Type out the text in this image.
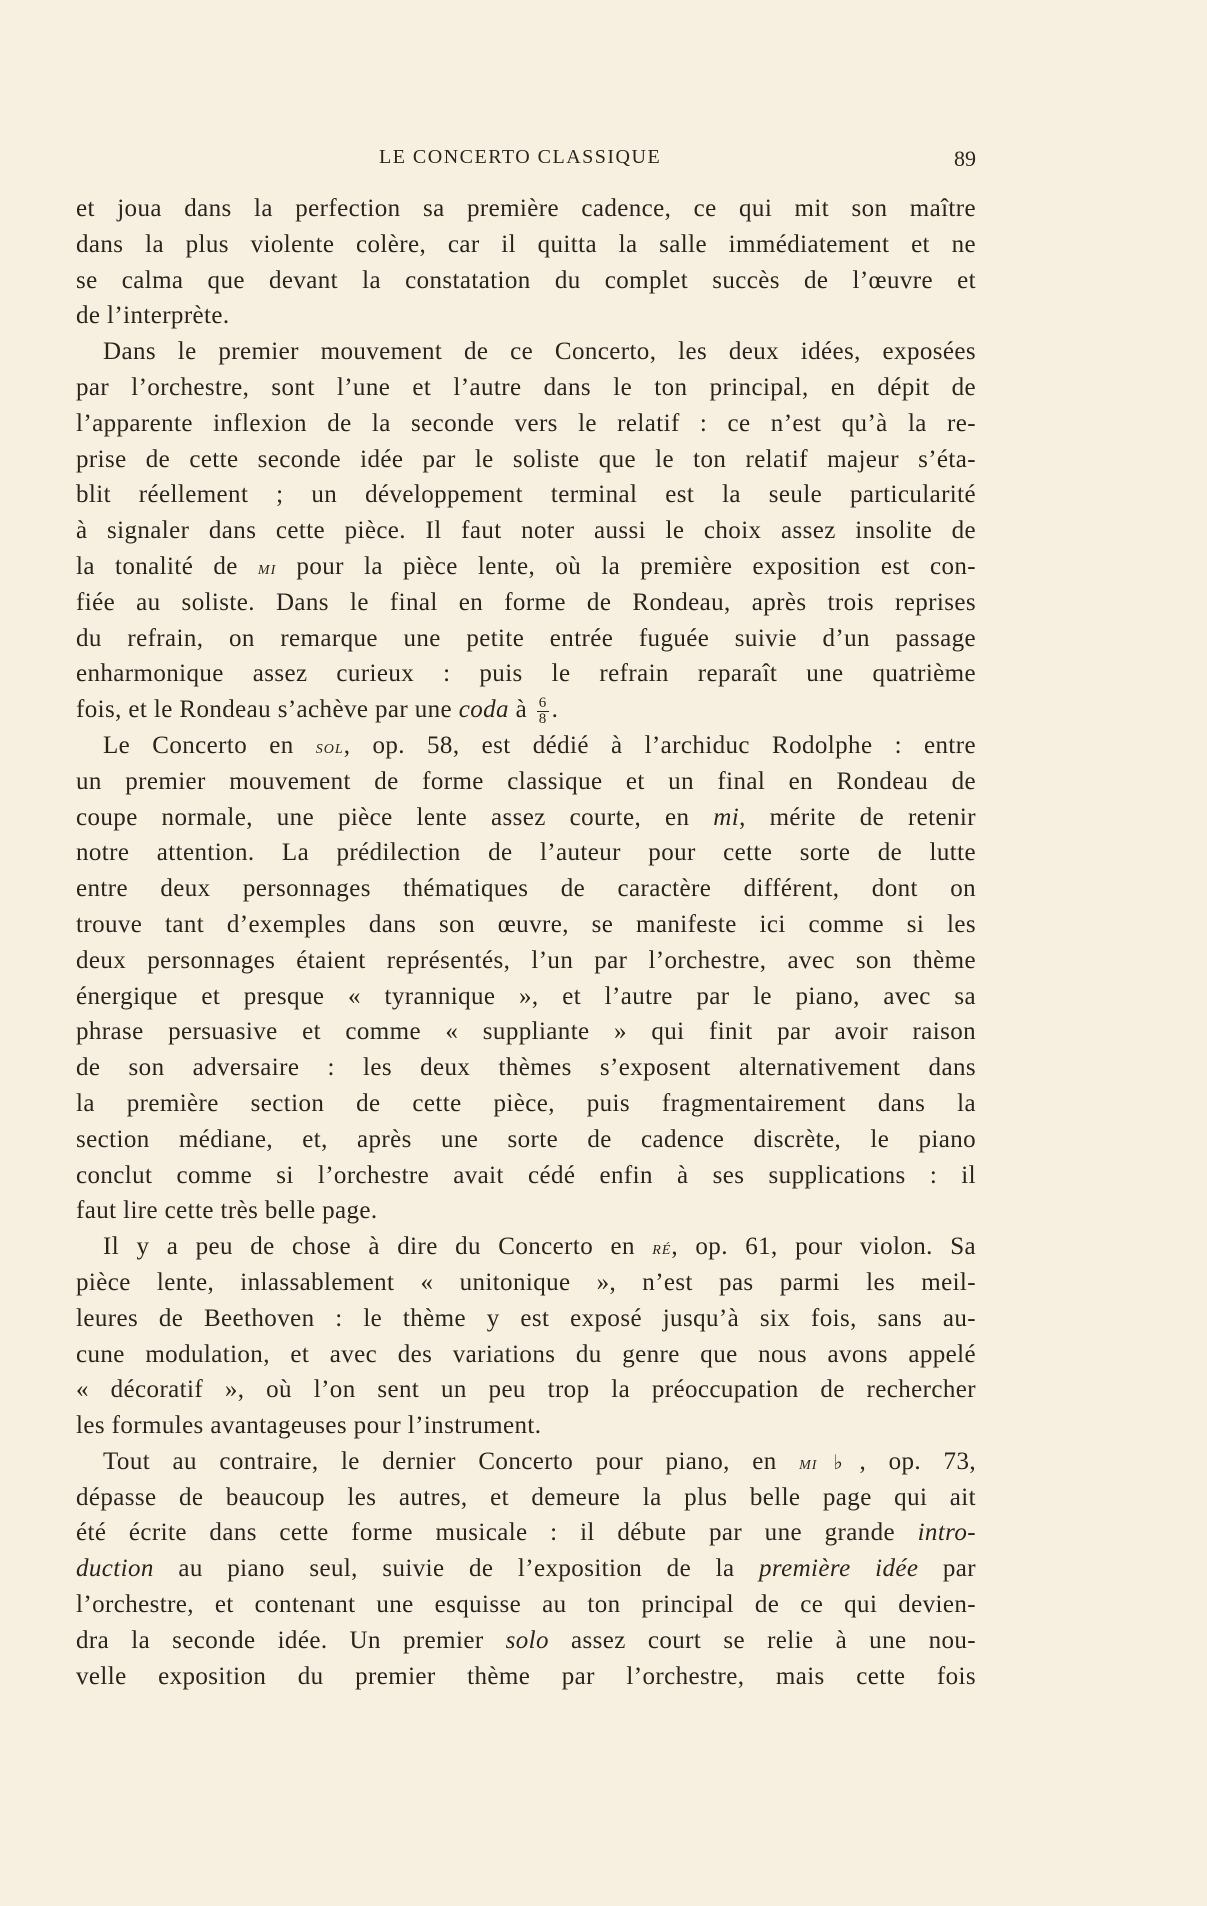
LE CONCERTO CLASSIQUE	89
et joua dans la perfection sa première cadence, ce qui mit son maître
dans la plus violente colère, car il quitta la salle immédiatement et ne
se calma que devant la constatation du complet succès de l’œuvre et
de l’interprète.
Dans le premier mouvement de ce Concerto, les deux idées, exposées
par l’orchestre, sont l’une et l’autre dans le ton principal, en dépit de
l’apparente inflexion de la seconde vers le relatif : ce n’est qu’à la re-
prise de cette seconde idée par le soliste que le ton relatif majeur s’éta-
blit réellement ; un développement terminal est la seule particularité
à signaler dans cette pièce. Il faut noter aussi le choix assez insolite de
la tonalité de mi pour la pièce lente, où la première exposition est con-
fiée au soliste. Dans le final en forme de Rondeau, après trois reprises
du refrain, on remarque une petite entrée fuguée suivie d’un passage
enharmonique assez curieux : puis le refrain reparaît une quatrième
fois, et le Rondeau s’achève par une coda à $\frac{6}{8}$ .
Le Concerto en sol, op. 58, est dédié à l’archiduc Rodolphe : entre
un premier mouvement de forme classique et un final en Rondeau de
coupe normale, une pièce lente assez courte, en mi, mérite de retenir
notre attention. La prédilection de l’auteur pour cette sorte de lutte
entre deux personnages thématiques de caractère différent, dont on
trouve tant d’exemples dans son œuvre, se manifeste ici comme si les
deux personnages étaient représentés, l’un par l’orchestre, avec son thème
énergique et presque « tyrannique », et l’autre par le piano, avec sa
phrase persuasive et comme « suppliante » qui finit par avoir raison
de son adversaire : les deux thèmes s’exposent alternativement dans
la première section de cette pièce, puis fragmentairement dans la
section médiane, et, après une sorte de cadence discrète, le piano
conclut comme si l’orchestre avait cédé enfin à ses supplications : il
faut lire cette très belle page.
Il y a peu de chose à dire du Concerto en ré, op. 61, pour violon. Sa
pièce lente, inlassablement « unitonique », n’est pas parmi les meil-
leures de Beethoven : le thème y est exposé jusqu’à six fois, sans au-
cune modulation, et avec des variations du genre que nous avons appelé
« décoratif », où l’on sent un peu trop la préoccupation de rechercher
les formules avantageuses pour l’instrument.
Tout au contraire, le dernier Concerto pour piano, en mi♭, op. 73,
dépasse de beaucoup les autres, et demeure la plus belle page qui ait
été écrite dans cette forme musicale : il débute par une grande intro-
duction au piano seul, suivie de l’exposition de la première idée par
l’orchestre, et contenant une esquisse au ton principal de ce qui devien-
dra la seconde idée. Un premier solo assez court se relie à une nou-
velle exposition du premier thème par l’orchestre, mais cette fois
